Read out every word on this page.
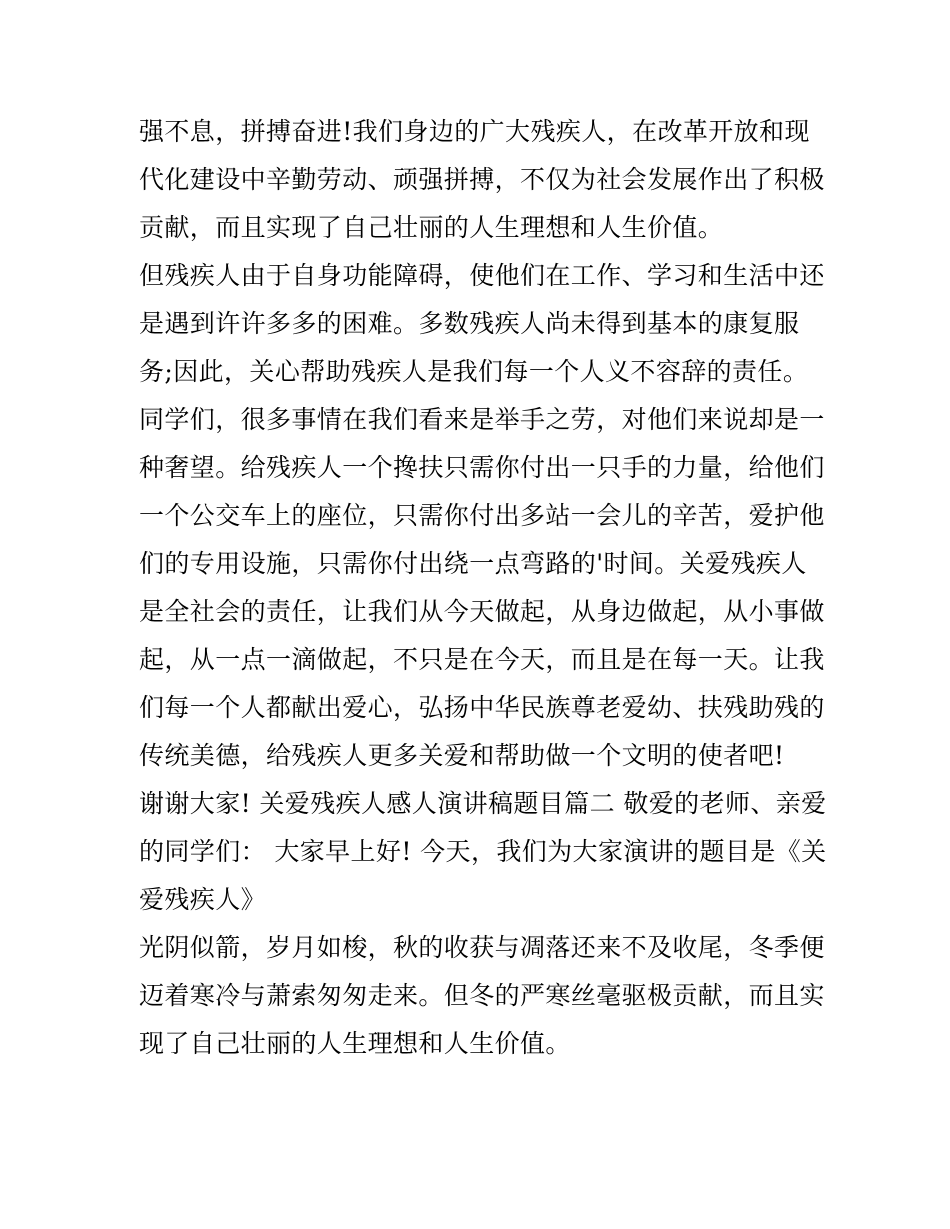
强不息，拼搏奋进!我们身边的广大残疾人，在改革开放和现
代化建设中辛勤劳动、顽强拼搏，不仅为社会发展作出了积极
贡献，而且实现了自己壮丽的人生理想和人生价值。
但残疾人由于自身功能障碍，使他们在工作、学习和生活中还
是遇到许许多多的困难。多数残疾人尚未得到基本的康复服
务;因此，关心帮助残疾人是我们每一个人义不容辞的责任。
同学们，很多事情在我们看来是举手之劳，对他们来说却是一
种奢望。给残疾人一个搀扶只需你付出一只手的力量，给他们
一个公交车上的座位，只需你付出多站一会儿的辛苦，爱护他
们的专用设施，只需你付出绕一点弯路的'时间。关爱残疾人
是全社会的责任，让我们从今天做起，从身边做起，从小事做
起，从一点一滴做起，不只是在今天，而且是在每一天。让我
们每一个人都献出爱心，弘扬中华民族尊老爱幼、扶残助残的
传统美德，给残疾人更多关爱和帮助做一个文明的使者吧!
谢谢大家! 关爱残疾人感人演讲稿题目篇二 敬爱的老师、亲爱
的同学们： 大家早上好! 今天，我们为大家演讲的题目是《关
爱残疾人》
光阴似箭，岁月如梭，秋的收获与凋落还来不及收尾，冬季便
迈着寒冷与萧索匆匆走来。但冬的严寒丝毫驱极贡献，而且实
现了自己壮丽的人生理想和人生价值。
